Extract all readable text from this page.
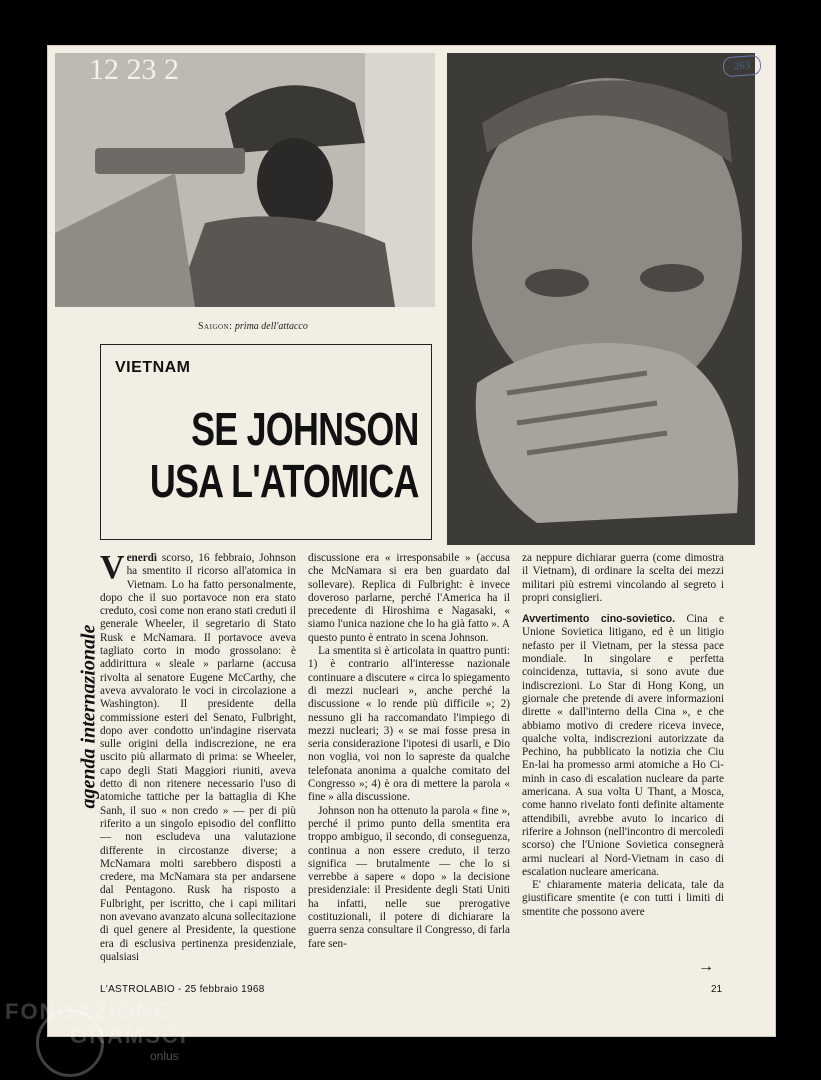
12 23 2	263
Saigon: prima dell'attacco
VIETNAM
SE JOHNSON
USA L'ATOMICA
agenda internazionale

Venerdì scorso, 16 febbraio, Johnson ha smentito il ricorso all'atomica in Vietnam. Lo ha fatto personalmente, dopo che il suo portavoce non era stato creduto, così come non erano stati creduti il generale Wheeler, il segretario di Stato Rusk e McNamara. Il portavoce aveva tagliato corto in modo grossolano: è addirittura « sleale » parlarne (accusa rivolta al senatore Eugene McCarthy, che aveva avvalorato le voci in circolazione a Washington). Il presidente della commissione esteri del Senato, Fulbright, dopo aver condotto un'indagine riservata sulle origini della indiscrezione, ne era uscito più allarmato di prima: se Wheeler, capo degli Stati Maggiori riuniti, aveva detto di non ritenere necessario l'uso di atomiche tattiche per la battaglia di Khe Sanh, il suo « non credo » — per di più riferito a un singolo episodio del conflitto — non escludeva una valutazione differente in circostanze diverse; a McNamara molti sarebbero disposti a credere, ma McNamara sta per andarsene dal Pentagono. Rusk ha risposto a Fulbright, per iscritto, che i capi militari non avevano avanzato alcuna sollecitazione di quel genere al Presidente, la questione era di esclusiva pertinenza presidenziale, qualsiasi

discussione era « irresponsabile » (accusa che McNamara si era ben guardato dal sollevare). Replica di Fulbright: è invece doveroso parlarne, perché l'America ha il precedente di Hiroshima e Nagasaki, « siamo l'unica nazione che lo ha già fatto ». A questo punto è entrato in scena Johnson.

La smentita si è articolata in quattro punti: 1) è contrario all'interesse nazionale continuare a discutere « circa lo spiegamento di mezzi nucleari », anche perché la discussione « lo rende più difficile »; 2) nessuno gli ha raccomandato l'impiego di mezzi nucleari; 3) « se mai fosse presa in seria considerazione l'ipotesi di usarli, e Dio non voglia, voi non lo sapreste da qualche telefonata anonima a qualche comitato del Congresso »; 4) è ora di mettere la parola « fine » alla discussione.

Johnson non ha ottenuto la parola « fine », perché il primo punto della smentita era troppo ambiguo, il secondo, di conseguenza, continua a non essere creduto, il terzo significa — brutalmente — che lo si verrebbe a sapere « dopo » la decisione presidenziale: il Presidente degli Stati Uniti ha infatti, nelle sue prerogative costituzionali, il potere di dichiarare la guerra senza consultare il Congresso, di farla fare sen-

za neppure dichiarar guerra (come dimostra il Vietnam), di ordinare la scelta dei mezzi militari più estremi vincolando al segreto i propri consiglieri.

Avvertimento cino-sovietico. Cina e Unione Sovietica litigano, ed è un litigio nefasto per il Vietnam, per la stessa pace mondiale. In singolare e perfetta coincidenza, tuttavia, si sono avute due indiscrezioni. Lo Star di Hong Kong, un giornale che pretende di avere informazioni dirette « dall'interno della Cina », e che abbiamo motivo di credere riceva invece, qualche volta, indiscrezioni autorizzate da Pechino, ha pubblicato la notizia che Ciu En-lai ha promesso armi atomiche a Ho Ci-minh in caso di escalation nucleare da parte americana. A sua volta U Thant, a Mosca, come hanno rivelato fonti definite altamente attendibili, avrebbe avuto lo incarico di riferire a Johnson (nell'incontro di mercoledì scorso) che l'Unione Sovietica consegnerà armi nucleari al Nord-Vietnam in caso di escalation nucleare americana.

E' chiaramente materia delicata, tale da giustificare smentite (e con tutti i limiti di smentite che possono avere

→
L'ASTROLABIO - 25 febbraio 1968	21
FONDAZIONE
GRAMSCI
onlus
